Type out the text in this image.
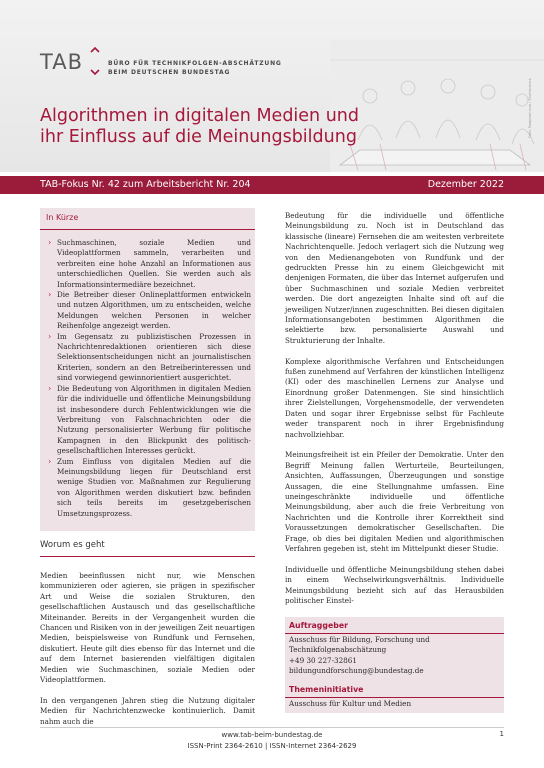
TAB	BÜRO FÜR TECHNIKFOLGEN-ABSCHÄTZUNG
BEIM DEUTSCHEN BUNDESTAG
Algorithmen in digitalen Medien und
ihr Einfluss auf die Meinungsbildung	Foto: Rawpixel.com / Shutterstock
TAB-Fokus Nr. 42 zum Arbeitsbericht Nr. 204	Dezember 2022
In Kürze
› Suchmaschinen, soziale Medien und Videoplattformen sammeln, verarbeiten und verbreiten eine hohe Anzahl an Informationen aus unterschiedlichen Quellen. Sie werden auch als Informationsintermediäre bezeichnet.
› Die Betreiber dieser Onlineplattformen entwickeln und nutzen Algorithmen, um zu entscheiden, welche Meldungen welchen Personen in welcher Reihenfolge angezeigt werden.
› Im Gegensatz zu publizistischen Prozessen in Nachrichtenredaktionen orientieren sich diese Selektionsentscheidungen nicht an journalistischen Kriterien, sondern an den Betreiberinteressen und sind vorwiegend gewinnorientiert ausgerichtet.
› Die Bedeutung von Algorithmen in digitalen Medien für die individuelle und öffentliche Meinungsbildung ist insbesondere durch Fehlentwicklungen wie die Verbreitung von Falschnachrichten oder die Nutzung personalisierter Werbung für politische Kampagnen in den Blickpunkt des politisch-gesellschaftlichen Interesses gerückt.
› Zum Einfluss von digitalen Medien auf die Meinungsbildung liegen für Deutschland erst wenige Studien vor. Maßnahmen zur Regulierung von Algorithmen werden diskutiert bzw. befinden sich teils bereits im gesetzgeberischen Umsetzungsprozess.
Worum es geht

Medien beeinflussen nicht nur, wie Menschen kommunizieren oder agieren, sie prägen in spezifischer Art und Weise die sozialen Strukturen, den gesellschaftlichen Austausch und das gesellschaftliche Miteinander. Bereits in der Vergangenheit wurden die Chancen und Risiken von in der jeweiligen Zeit neuartigen Medien, beispielsweise von Rundfunk und Fernsehen, diskutiert. Heute gilt dies ebenso für das Internet und die auf dem Internet basierenden vielfältigen digitalen Medien wie Suchmaschinen, soziale Medien oder Videoplattformen.

In den vergangenen Jahren stieg die Nutzung digitaler Medien für Nachrichtenzwecke kontinuierlich. Damit nahm auch die

Bedeutung für die individuelle und öffentliche Meinungsbildung zu. Noch ist in Deutschland das klassische (lineare) Fernsehen die am weitesten verbreitete Nachrichtenquelle. Jedoch verlagert sich die Nutzung weg von den Medienangeboten von Rundfunk und der gedruckten Presse hin zu einem Gleichgewicht mit denjenigen Formaten, die über das Internet aufgerufen und über Suchmaschinen und soziale Medien verbreitet werden. Die dort angezeigten Inhalte sind oft auf die jeweiligen Nutzer/innen zugeschnitten. Bei diesen digitalen Informationsangeboten bestimmen Algorithmen die selektierte bzw. personalisierte Auswahl und Strukturierung der Inhalte.

Komplexe algorithmische Verfahren und Entscheidungen fußen zunehmend auf Verfahren der künstlichen Intelligenz (KI) oder des maschinellen Lernens zur Analyse und Einordnung großer Datenmengen. Sie sind hinsichtlich ihrer Zielstellungen, Vorgehensmodelle, der verwendeten Daten und sogar ihrer Ergebnisse selbst für Fachleute weder transparent noch in ihrer Ergebnisfindung nachvollziehbar.

Meinungsfreiheit ist ein Pfeiler der Demokratie. Unter den Begriff Meinung fallen Werturteile, Beurteilungen, Ansichten, Auffassungen, Überzeugungen und sonstige Aussagen, die eine Stellungnahme umfassen. Eine uneingeschränkte individuelle und öffentliche Meinungsbildung, aber auch die freie Verbreitung von Nachrichten und die Kontrolle ihrer Korrektheit sind Voraussetzungen demokratischer Gesellschaften. Die Frage, ob dies bei digitalen Medien und algorithmischen Verfahren gegeben ist, steht im Mittelpunkt dieser Studie.

Individuelle und öffentliche Meinungsbildung stehen dabei in einem Wechselwirkungsverhältnis. Individuelle Meinungsbildung bezieht sich auf das Herausbilden politischer Einstel-

Auftraggeber
Ausschuss für Bildung, Forschung und
Technikfolgenabschätzung
+49 30 227-32861
bildungundforschung@bundestag.de
Themeninitiative
Ausschuss für Kultur und Medien
www.tab-beim-bundestag.de
ISSN-Print 2364-2610 | ISSN-Internet 2364-2629
1
